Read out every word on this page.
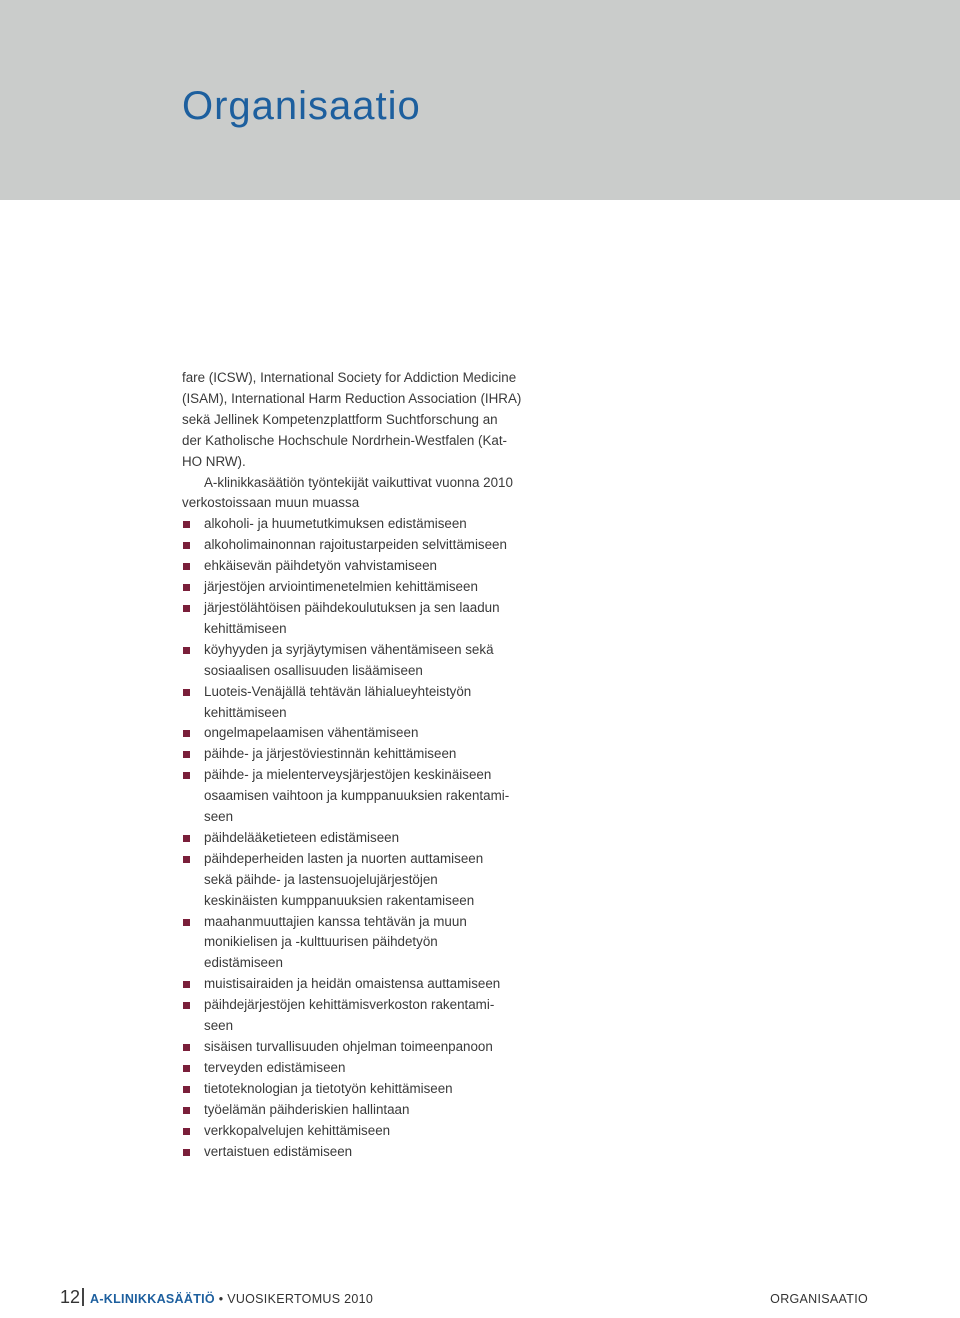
Organisaatio

fare (ICSW), International Society for Addiction Medicine
(ISAM), International Harm Reduction Association (IHRA)
sekä Jellinek Kompetenzplattform Suchtforschung an
der Katholische Hochschule Nordrhein-Westfalen (Kat-
HO NRW).

A-klinikkasäätiön työntekijät vaikuttivat vuonna 2010
verkostoissaan muun muassa

alkoholi- ja huumetutkimuksen edistämiseen
alkoholimainonnan rajoitustarpeiden selvittämiseen
ehkäisevän päihdetyön vahvistamiseen
järjestöjen arviointimenetelmien kehittämiseen
järjestölähtöisen päihdekoulutuksen ja sen laadun
kehittämiseen
köyhyyden ja syrjäytymisen vähentämiseen sekä
sosiaalisen osallisuuden lisäämiseen
Luoteis-Venäjällä tehtävän lähialueyhteistyön
kehittämiseen
ongelmapelaamisen vähentämiseen
päihde- ja järjestöviestinnän kehittämiseen
päihde- ja mielenterveysjärjestöjen keskinäiseen
osaamisen vaihtoon ja kumppanuuksien rakentami-
seen
päihdelääketieteen edistämiseen
päihdeperheiden lasten ja nuorten auttamiseen
sekä päihde- ja lastensuojelujärjestöjen
keskinäisten kumppanuuksien rakentamiseen
maahanmuuttajien kanssa tehtävän ja muun
monikielisen ja -kulttuurisen päihdetyön
edistämiseen
muistisairaiden ja heidän omaistensa auttamiseen
päihdejärjestöjen kehittämisverkoston rakentami-
seen
sisäisen turvallisuuden ohjelman toimeenpanoon
terveyden edistämiseen
tietoteknologian ja tietotyön kehittämiseen
työelämän päihderiskien hallintaan
verkkopalvelujen kehittämiseen
vertaistuen edistämiseen
12 A-KLINIKKASÄÄTIÖ • VUOSIKERTOMUS 2010	ORGANISAATIO
